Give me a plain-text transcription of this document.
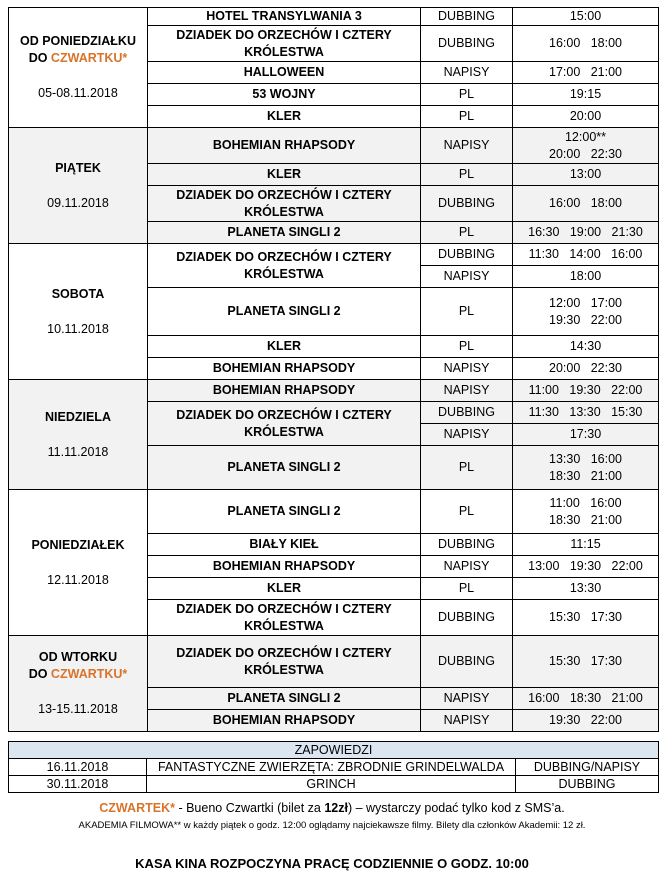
OD PONIEDZIAŁKU
DO CZWARTKU*
05-08.11.2018	HOTEL TRANSYLWANIA 3	DUBBING	15:00

	DZIADEK DO ORZECHÓW I CZTERY KRÓLESTWA	DUBBING	16:00   18:00

	HALLOWEEN	NAPISY	17:00   21:00

	53 WOJNY	PL	19:15

	KLER	PL	20:00

PIĄTEK
09.11.2018	BOHEMIAN RHAPSODY	NAPISY	12:00**
20:00   22:30

	KLER	PL	13:00

	DZIADEK DO ORZECHÓW I CZTERY KRÓLESTWA	DUBBING	16:00   18:00

	PLANETA SINGLI 2	PL	16:30   19:00   21:30

SOBOTA
10.11.2018	DZIADEK DO ORZECHÓW I CZTERY KRÓLESTWA	DUBBING	11:30   14:00   16:00

		NAPISY	18:00

	PLANETA SINGLI 2	PL	12:00   17:00
19:30   22:00

	KLER	PL	14:30

	BOHEMIAN RHAPSODY	NAPISY	20:00   22:30

NIEDZIELA
11.11.2018	BOHEMIAN RHAPSODY	NAPISY	11:00   19:30   22:00

	DZIADEK DO ORZECHÓW I CZTERY KRÓLESTWA	DUBBING	11:30   13:30   15:30

		NAPISY	17:30

	PLANETA SINGLI 2	PL	13:30   16:00
18:30   21:00

PONIEDZIAŁEK
12.11.2018	PLANETA SINGLI 2	PL	11:00   16:00
18:30   21:00

	BIAŁY KIEŁ	DUBBING	11:15

	BOHEMIAN RHAPSODY	NAPISY	13:00   19:30   22:00

	KLER	PL	13:30

	DZIADEK DO ORZECHÓW I CZTERY KRÓLESTWA	DUBBING	15:30   17:30

OD WTORKU
DO CZWARTKU*
13-15.11.2018	DZIADEK DO ORZECHÓW I CZTERY KRÓLESTWA	DUBBING	15:30   17:30

	PLANETA SINGLI 2	NAPISY	16:00   18:30   21:00

	BOHEMIAN RHAPSODY	NAPISY	19:30   22:00
ZAPOWIEDZI		
16.11.2018	FANTASTYCZNE ZWIERZĘTA: ZBRODNIE GRINDELWALDA	DUBBING/NAPISY
30.11.2018	GRINCH	DUBBING
CZWARTEK* - Bueno Czwartki (bilet za 12zł) – wystarczy podać tylko kod z SMS’a.
AKADEMIA FILMOWA** w każdy piątek o godz. 12:00 oglądamy najciekawsze filmy. Bilety dla członków Akademii: 12 zł.
KASA KINA ROZPOCZYNA PRACĘ CODZIENNIE O GODZ. 10:00
